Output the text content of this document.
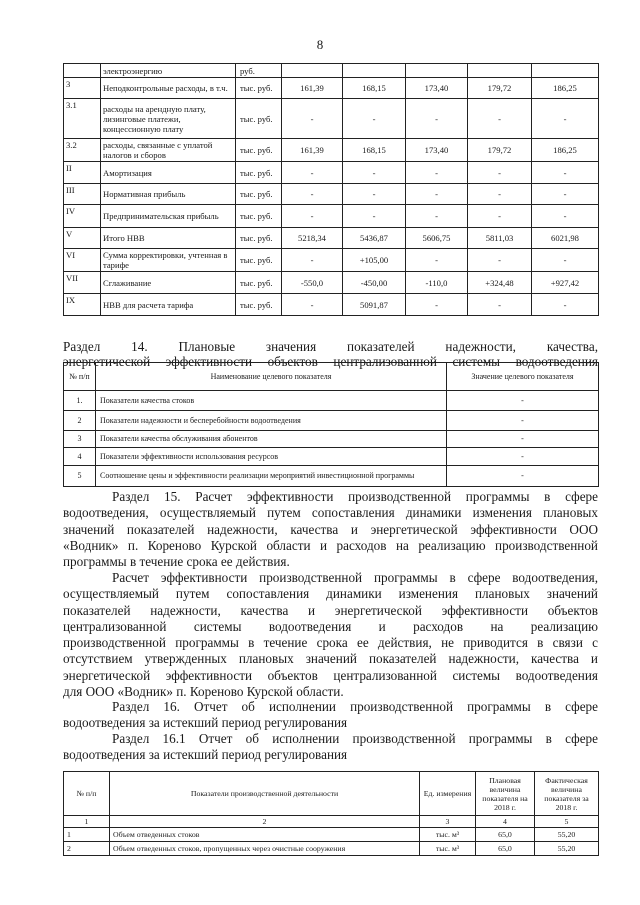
8
	электроэнергию	руб.					
3	Неподконтрольные расходы, в т.ч.	тыс. руб.	161,39	168,15	173,40	179,72	186,25
3.1	расходы на арендную плату, лизинговые платежи, концессионную плату	тыс. руб.	-	-	-	-	-
3.2	расходы, связанные с уплатой налогов и сборов	тыс. руб.	161,39	168,15	173,40	179,72	186,25
II	Амортизация	тыс. руб.	-	-	-	-	-
III	Нормативная прибыль	тыс. руб.	-	-	-	-	-
IV	Предпринимательская прибыль	тыс. руб.	-	-	-	-	-
V	Итого НВВ	тыс. руб.	5218,34	5436,87	5606,75	5811,03	6021,98
VI	Сумма корректировки, учтенная в тарифе	тыс. руб.	-	+105,00	-	-	-
VII	Сглаживание	тыс. руб.	-550,0	-450,00	-110,0	+324,48	+927,42
IX	НВВ для расчета тарифа	тыс. руб.	-	5091,87	-	-	-
Раздел 14. Плановые значения показателей надежности, качества,
энергетической эффективности объектов централизованной системы водоотведения
№ п/п	Наименование целевого показателя	Значение целевого показателя
1.	Показатели качества стоков	-
2	Показатели надежности и бесперебойности водоотведения	-
3	Показатели качества обслуживания абонентов	-
4	Показатели эффективности использования ресурсов	-
5	Соотношение цены и эффективности реализации мероприятий инвестиционной программы	-

Раздел 15. Расчет эффективности производственной программы в сфере
водоотведения, осуществляемый путем сопоставления динамики изменения плановых
значений показателей надежности, качества и энергетической эффективности ООО
«Водник» п. Кореново Курской области и расходов на реализацию производственной
программы в течение срока ее действия.

Расчет эффективности производственной программы в сфере водоотведения,
осуществляемый путем сопоставления динамики изменения плановых значений
показателей надежности, качества и энергетической эффективности объектов
централизованной системы водоотведения и расходов на реализацию
производственной программы в течение срока ее действия, не приводится в связи с
отсутствием утвержденных плановых значений показателей надежности, качества и
энергетической эффективности объектов централизованной системы водоотведения
для ООО «Водник» п. Кореново Курской области.

Раздел 16. Отчет об исполнении производственной программы в сфере
водоотведения за истекший период регулирования

Раздел 16.1 Отчет об исполнении производственной программы в сфере
водоотведения за истекший период регулирования

№ п/п	Показатели производственной деятельности	Ед. измерения	Плановая величина показателя на 2018 г.	Фактическая величина показателя за 2018 г.
1	2	3	4	5
1	Объем отведенных стоков	тыс. м³	65,0	55,20
2	Объем отведенных стоков, пропущенных через очистные сооружения	тыс. м³	65,0	55,20
